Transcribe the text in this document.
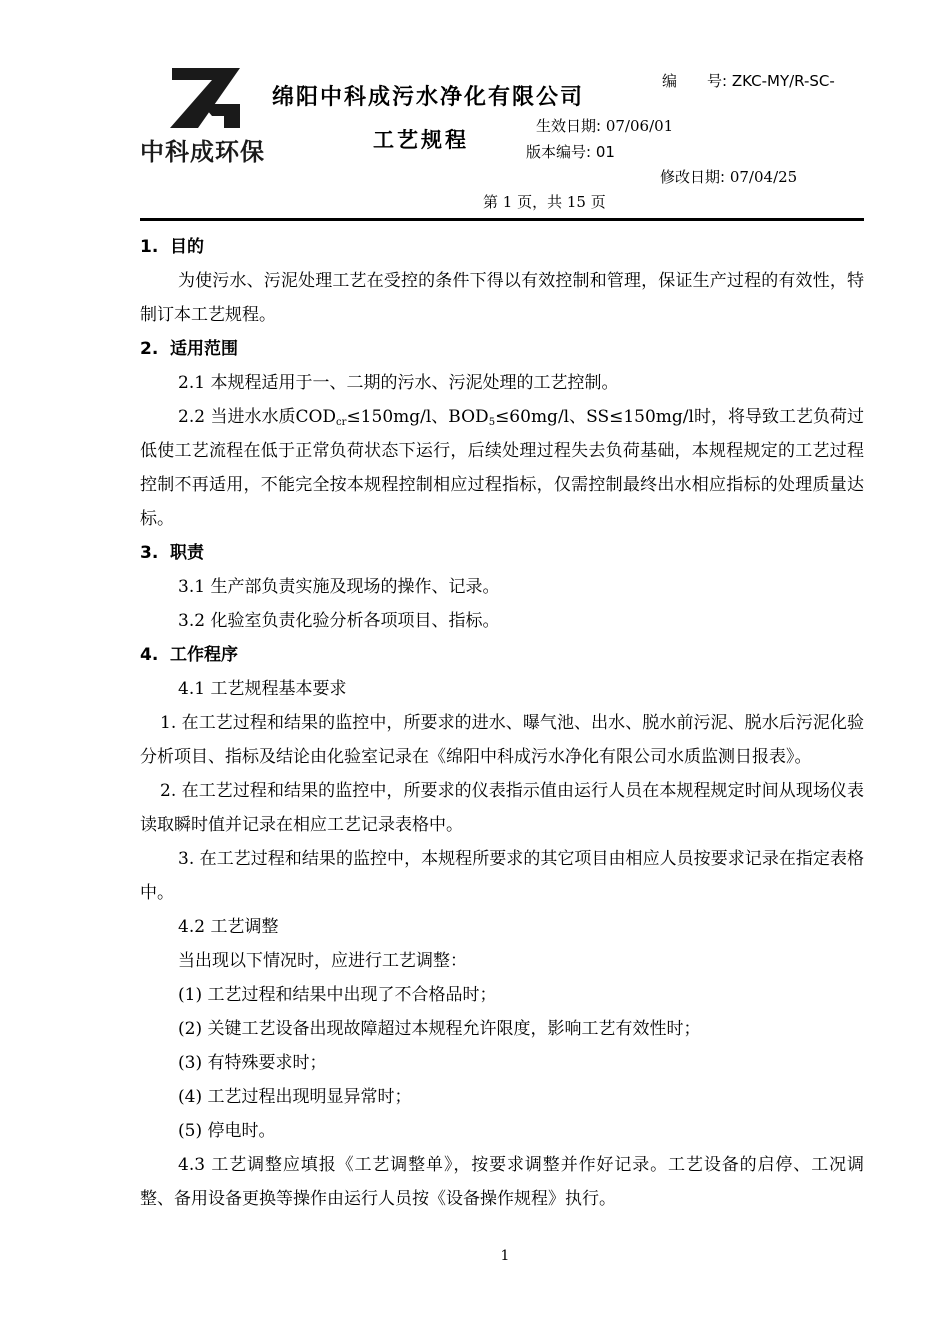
中科成环保
绵阳中科成污水净化有限公司
工艺规程
编　　号: ZKC-MY/R-SC-
生效日期: 07/06/01
版本编号: 01
修改日期: 07/04/25
第 1 页，共 15 页

1. 目的

为使污水、污泥处理工艺在受控的条件下得以有效控制和管理，保证生产过程的有效性，特制订本工艺规程。

2. 适用范围

2.1 本规程适用于一、二期的污水、污泥处理的工艺控制。

2.2 当进水水质$COD_{cr}\le 150mg/l$、$BOD_5\le 60mg/l$、SS≤150mg/l时，将导致工艺负荷过低使工艺流程在低于正常负荷状态下运行，后续处理过程失去负荷基础，本规程规定的工艺过程控制不再适用，不能完全按本规程控制相应过程指标，仅需控制最终出水相应指标的处理质量达标。

3. 职责

3.1 生产部负责实施及现场的操作、记录。

3.2 化验室负责化验分析各项项目、指标。

4. 工作程序

4.1 工艺规程基本要求

1. 在工艺过程和结果的监控中，所要求的进水、曝气池、出水、脱水前污泥、脱水后污泥化验分析项目、指标及结论由化验室记录在《绵阳中科成污水净化有限公司水质监测日报表》。

2. 在工艺过程和结果的监控中，所要求的仪表指示值由运行人员在本规程规定时间从现场仪表读取瞬时值并记录在相应工艺记录表格中。

3. 在工艺过程和结果的监控中，本规程所要求的其它项目由相应人员按要求记录在指定表格中。

4.2 工艺调整

当出现以下情况时，应进行工艺调整：

(1) 工艺过程和结果中出现了不合格品时；

(2) 关键工艺设备出现故障超过本规程允许限度，影响工艺有效性时；

(3) 有特殊要求时；

(4) 工艺过程出现明显异常时；

(5) 停电时。

4.3 工艺调整应填报《工艺调整单》，按要求调整并作好记录。工艺设备的启停、工况调整、备用设备更换等操作由运行人员按《设备操作规程》执行。

1
